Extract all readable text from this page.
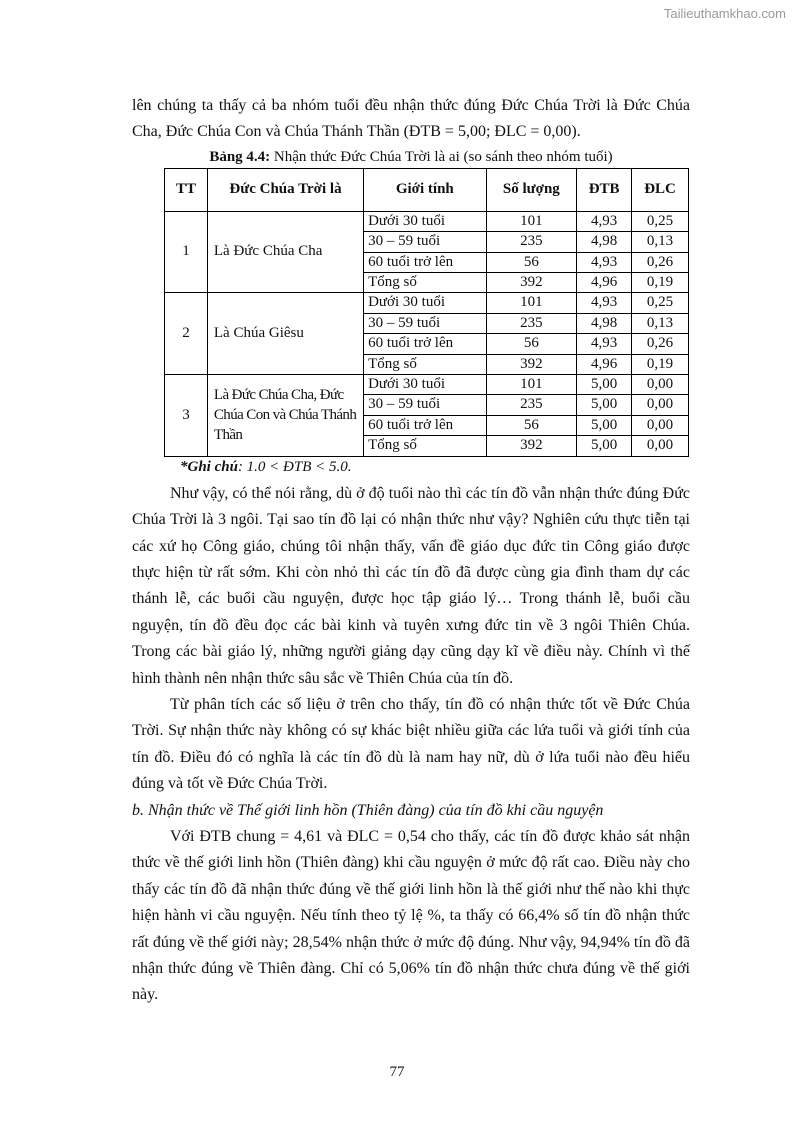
Tailieuthamkhao.com

lên chúng ta thấy cả ba nhóm tuổi đều nhận thức đúng Đức Chúa Trời là Đức Chúa Cha, Đức Chúa Con và Chúa Thánh Thần (ĐTB = 5,00; ĐLC = 0,00).

Bảng 4.4: Nhận thức Đức Chúa Trời là ai (so sánh theo nhóm tuổi)

TT	Đức Chúa Trời là	Giới tính	Số lượng	ĐTB	ĐLC
1	Là Đức Chúa Cha	Dưới 30 tuổi	101	4,93	0,25
		30 – 59 tuổi	235	4,98	0,13
		60 tuổi trở lên	56	4,93	0,26
		Tổng số	392	4,96	0,19
2	Là Chúa Giêsu	Dưới 30 tuổi	101	4,93	0,25
		30 – 59 tuổi	235	4,98	0,13
		60 tuổi trở lên	56	4,93	0,26
		Tổng số	392	4,96	0,19
3	Là Đức Chúa Cha, Đức Chúa Con và Chúa Thánh Thần	Dưới 30 tuổi	101	5,00	0,00
		30 – 59 tuổi	235	5,00	0,00
		60 tuổi trở lên	56	5,00	0,00
		Tổng số	392	5,00	0,00

*Ghi chú: 1.0 < ĐTB < 5.0.

Như vậy, có thể nói rằng, dù ở độ tuổi nào thì các tín đồ vẫn nhận thức đúng Đức Chúa Trời là 3 ngôi. Tại sao tín đồ lại có nhận thức như vậy? Nghiên cứu thực tiễn tại các xứ họ Công giáo, chúng tôi nhận thấy, vấn đề giáo dục đức tin Công giáo được thực hiện từ rất sớm. Khi còn nhỏ thì các tín đồ đã được cùng gia đình tham dự các thánh lễ, các buổi cầu nguyện, được học tập giáo lý… Trong thánh lễ, buổi cầu nguyện, tín đồ đều đọc các bài kinh và tuyên xưng đức tin về 3 ngôi Thiên Chúa. Trong các bài giáo lý, những người giảng dạy cũng dạy kĩ về điều này. Chính vì thế hình thành nên nhận thức sâu sắc về Thiên Chúa của tín đồ.

Từ phân tích các số liệu ở trên cho thấy, tín đồ có nhận thức tốt về Đức Chúa Trời. Sự nhận thức này không có sự khác biệt nhiều giữa các lứa tuổi và giới tính của tín đồ. Điều đó có nghĩa là các tín đồ dù là nam hay nữ, dù ở lứa tuổi nào đều hiểu đúng và tốt về Đức Chúa Trời.

b. Nhận thức về Thế giới linh hồn (Thiên đàng) của tín đồ khi cầu nguyện

Với ĐTB chung = 4,61 và ĐLC = 0,54 cho thấy, các tín đồ được khảo sát nhận thức về thế giới linh hồn (Thiên đàng) khi cầu nguyện ở mức độ rất cao. Điều này cho thấy các tín đồ đã nhận thức đúng về thế giới linh hồn là thế giới như thế nào khi thực hiện hành vi cầu nguyện. Nếu tính theo tỷ lệ %, ta thấy có 66,4% số tín đồ nhận thức rất đúng về thế giới này; 28,54% nhận thức ở mức độ đúng. Như vậy, 94,94% tín đồ đã nhận thức đúng về Thiên đàng. Chỉ có 5,06% tín đồ nhận thức chưa đúng về thế giới này.

77
